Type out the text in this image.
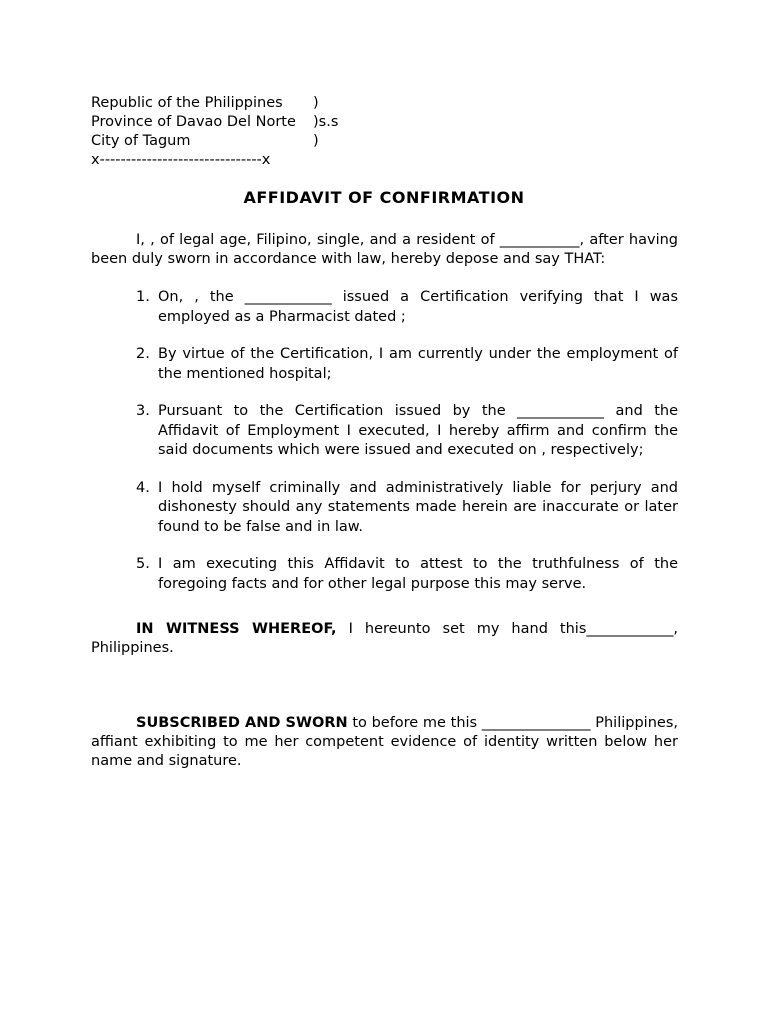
Republic of the Philippines	)
Province of Davao Del Norte	)s.s
City of Tagum	)
x-------------------------------x
AFFIDAVIT OF CONFIRMATION
I, , of legal age, Filipino, single, and a resident of ___________, after having been duly sworn in accordance with law, hereby depose and say THAT:
1. On, , the ____________ issued a Certification verifying that I was employed as a Pharmacist dated ;
2. By virtue of the Certification, I am currently under the employment of the mentioned hospital;
3. Pursuant to the Certification issued by the ____________ and the Affidavit of Employment I executed, I hereby affirm and confirm the said documents which were issued and executed on , respectively;
4. I hold myself criminally and administratively liable for perjury and dishonesty should any statements made herein are inaccurate or later found to be false and in law.
5. I am executing this Affidavit to attest to the truthfulness of the foregoing facts and for other legal purpose this may serve.
IN WITNESS WHEREOF, I hereunto set my hand this____________, Philippines.
SUBSCRIBED AND SWORN to before me this _______________ Philippines, affiant exhibiting to me her competent evidence of identity written below her name and signature.
